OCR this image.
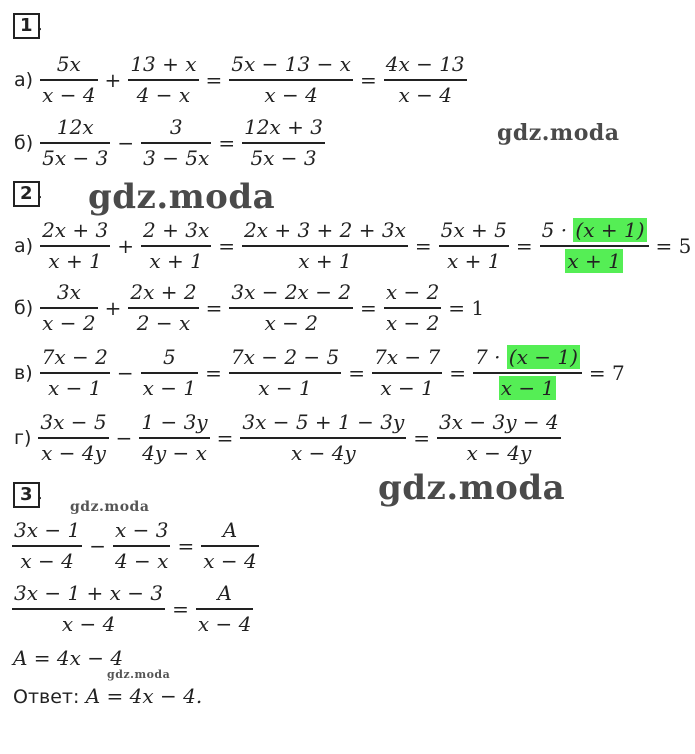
1 .
$а) \frac{5x}{x - 4} + \frac{13 + x}{4 - x} = \frac{5x - 13 - x}{x - 4} = \frac{4x - 13}{x - 4}$
$б) \frac{12x}{5x - 3} - \frac{3}{3 - 5x} = \frac{12x + 3}{5x - 3}$	gdz.moda
2 . gdz.moda
$а) \frac{2x + 3}{x + 1} + \frac{2 + 3x}{x + 1} = \frac{2x + 3 + 2 + 3x}{x + 1} = \frac{5x + 5}{x + 1} = \frac{5 \cdot (x + 1)}{x + 1} = 5$
$б) \frac{3x}{x - 2} + \frac{2x + 2}{2 - x} = \frac{3x - 2x - 2}{x - 2} = \frac{x - 2}{x - 2} = 1$
$в) \frac{7x - 2}{x - 1} - \frac{5}{x - 1} = \frac{7x - 2 - 5}{x - 1} = \frac{7x - 7}{x - 1} = \frac{7 \cdot (x - 1)}{x - 1} = 7$
$г) \frac{3x - 5}{x - 4y} - \frac{1 - 3y}{4y - x} = \frac{3x - 5 + 1 - 3y}{x - 4y} = \frac{3x - 3y - 4}{x - 4y}$
gdz.moda
3 .
gdz.moda
$\frac{3x - 1}{x - 4} - \frac{x - 3}{4 - x} = \frac{A}{x - 4}$
$\frac{3x - 1 + x - 3}{x - 4} = \frac{A}{x - 4}$
A = 4x − 4
gdz.moda
Ответ: A = 4x − 4.
